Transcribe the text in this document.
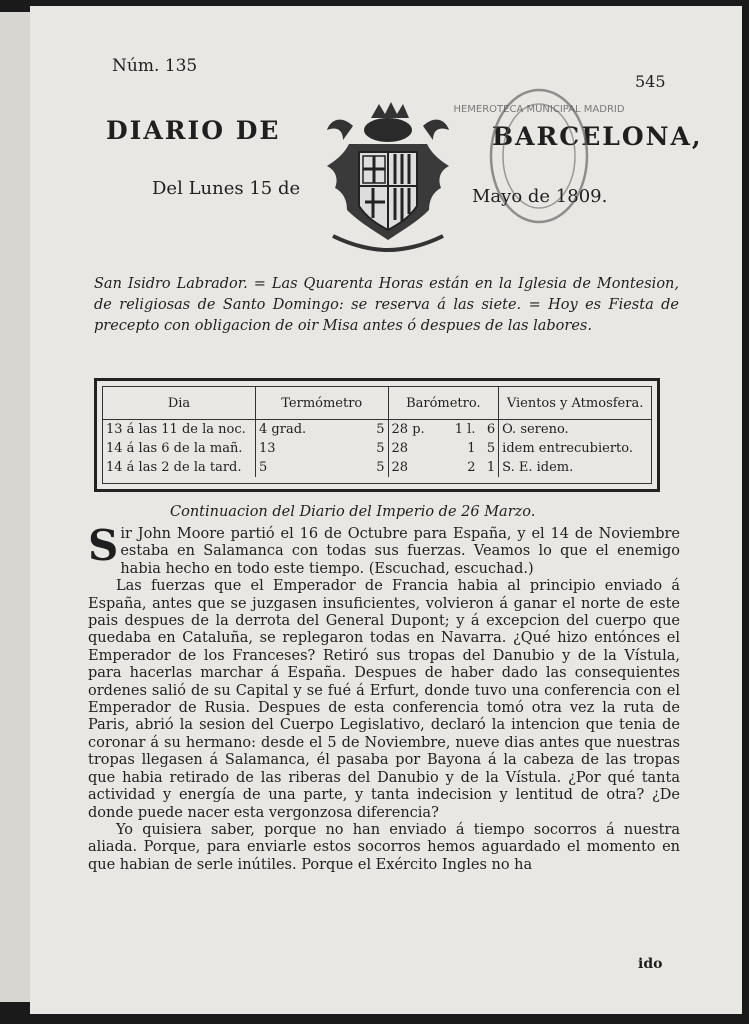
Núm. 135
545
DIARIO DE	BARCELONA,
HEMEROTECA MUNICIPAL MADRID
Del Lunes 15 de	Mayo de 1809.
San Isidro Labrador. = Las Quarenta Horas están en la Iglesia de Montesion, de religiosas de Santo Domingo: se reserva á las siete. = Hoy es Fiesta de precepto con obligacion de oir Misa antes ó despues de las labores.
Dia	Termómetro		Barómetro.			Vientos y Atmosfera.
13 á las 11 de la noc.	4 grad.	5	28 p.	1 l.	6	O. sereno.
14 á las 6 de la mañ.	13	5	28	1	5	idem entrecubierto.
14 á las 2 de la tard.	5	5	28	2	1	S. E. idem.
Continuacion del Diario del Imperio de 26 Marzo.

Sir John Moore partió el 16 de Octubre para España, y el 14 de Noviembre estaba en Salamanca con todas sus fuerzas. Veamos lo que el enemigo habia hecho en todo este tiempo. (Escuchad, escuchad.)

Las fuerzas que el Emperador de Francia habia al principio enviado á España, antes que se juzgasen insuficientes, volvieron á ganar el norte de este pais despues de la derrota del General Dupont; y á excepcion del cuerpo que quedaba en Cataluña, se replegaron todas en Navarra. ¿Qué hizo entónces el Emperador de los Franceses? Retiró sus tropas del Danubio y de la Vístula, para hacerlas marchar á España. Despues de haber dado las consequientes ordenes salió de su Capital y se fué á Erfurt, donde tuvo una conferencia con el Emperador de Rusia. Despues de esta conferencia tomó otra vez la ruta de Paris, abrió la sesion del Cuerpo Legislativo, declaró la intencion que tenia de coronar á su hermano: desde el 5 de Noviembre, nueve dias antes que nuestras tropas llegasen á Salamanca, él pasaba por Bayona á la cabeza de las tropas que habia retirado de las riberas del Danubio y de la Vístula. ¿Por qué tanta actividad y energía de una parte, y tanta indecision y lentitud de otra? ¿De donde puede nacer esta vergonzosa diferencia?

Yo quisiera saber, porque no han enviado á tiempo socorros á nuestra aliada. Porque, para enviarle estos socorros hemos aguardado el momento en que habian de serle inútiles. Porque el Exército Ingles no ha

ido
